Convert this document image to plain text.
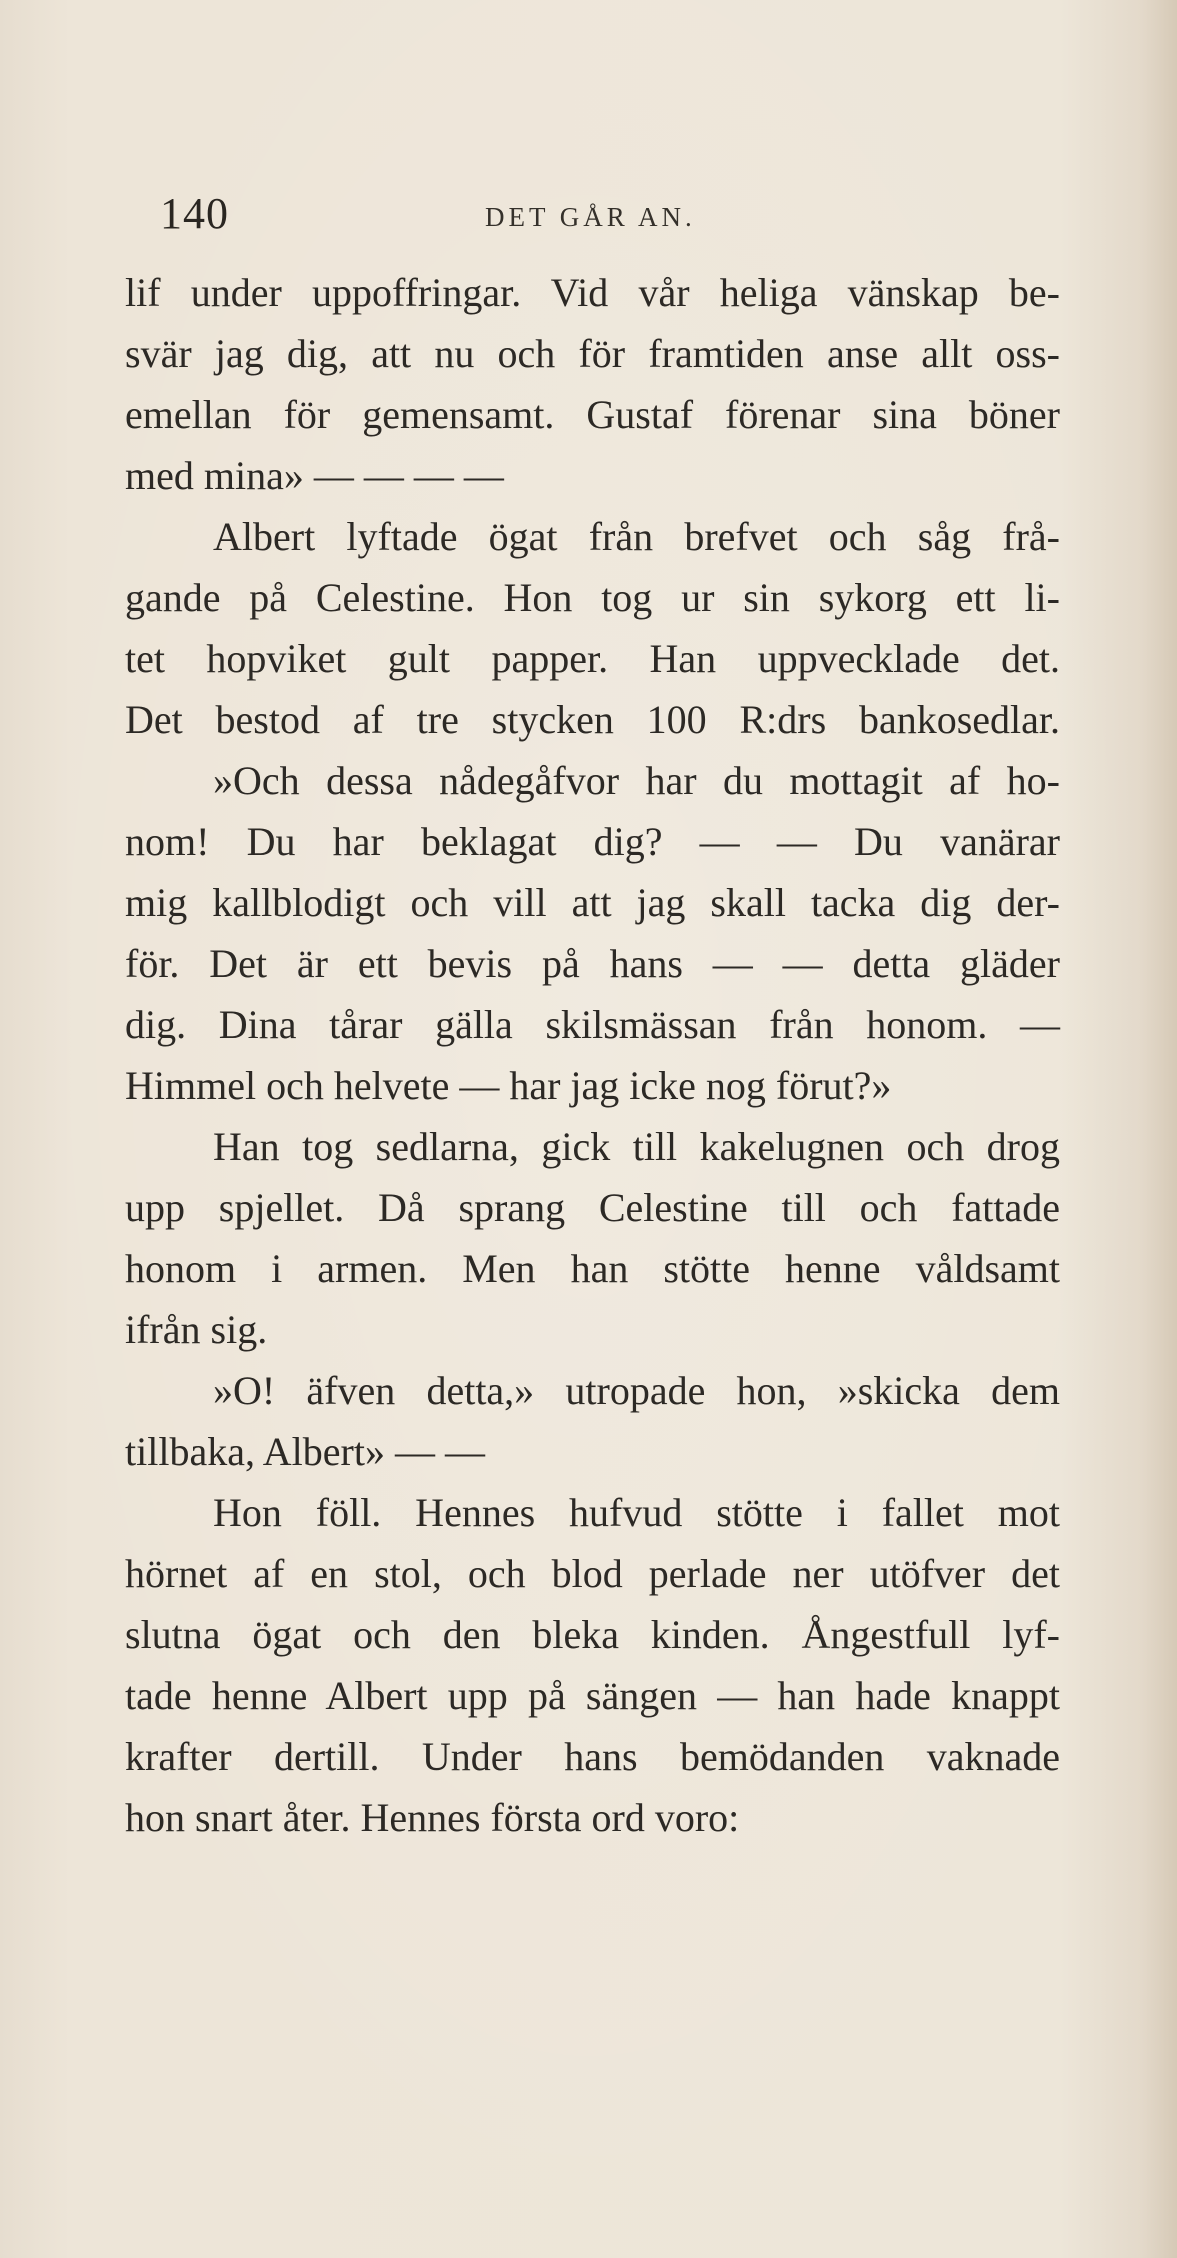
140	DET GÅR AN.
lif under uppoffringar. Vid vår heliga vänskap be-
svär jag dig, att nu och för framtiden anse allt oss-
emellan för gemensamt. Gustaf förenar sina böner
med mina» — — — —
Albert lyftade ögat från brefvet och såg frå-
gande på Celestine. Hon tog ur sin sykorg ett li-
tet hopviket gult papper. Han uppvecklade det.
Det bestod af tre stycken 100 R:drs bankosedlar.
»Och dessa nådegåfvor har du mottagit af ho-
nom! Du har beklagat dig? — — Du vanärar
mig kallblodigt och vill att jag skall tacka dig der-
för. Det är ett bevis på hans — — detta gläder
dig. Dina tårar gälla skilsmässan från honom. —
Himmel och helvete — har jag icke nog förut?»
Han tog sedlarna, gick till kakelugnen och drog
upp spjellet. Då sprang Celestine till och fattade
honom i armen. Men han stötte henne våldsamt
ifrån sig.
»O! äfven detta,» utropade hon, »skicka dem
tillbaka, Albert» — —
Hon föll. Hennes hufvud stötte i fallet mot
hörnet af en stol, och blod perlade ner utöfver det
slutna ögat och den bleka kinden. Ångestfull lyf-
tade henne Albert upp på sängen — han hade knappt
krafter dertill. Under hans bemödanden vaknade
hon snart åter. Hennes första ord voro:
